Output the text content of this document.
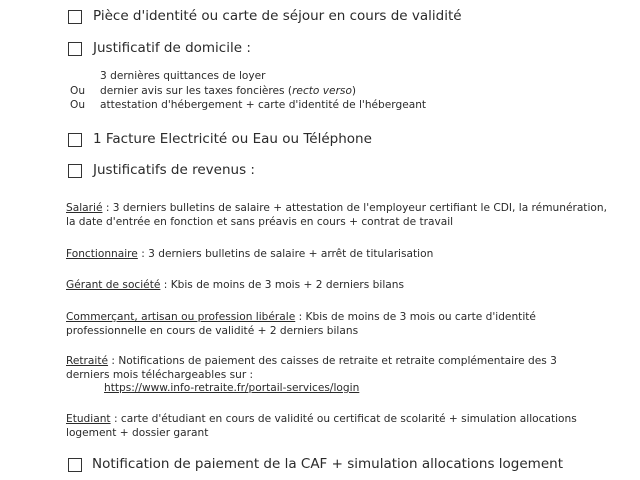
Pièce d'identité ou carte de séjour en cours de validité
Justificatif de domicile :
3 dernières quittances de loyer
Ou dernier avis sur les taxes foncières (recto verso)
Ou attestation d'hébergement + carte d'identité de l'hébergeant
1 Facture Electricité ou Eau ou Téléphone
Justificatifs de revenus :
Salarié : 3 derniers bulletins de salaire + attestation de l'employeur certifiant le CDI, la rémunération,
la date d'entrée en fonction et sans préavis en cours + contrat de travail
Fonctionnaire : 3 derniers bulletins de salaire + arrêt de titularisation
Gérant de société : Kbis de moins de 3 mois + 2 derniers bilans
Commerçant, artisan ou profession libérale : Kbis de moins de 3 mois ou carte d'identité
professionnelle en cours de validité + 2 derniers bilans
Retraité : Notifications de paiement des caisses de retraite et retraite complémentaire des 3
derniers mois téléchargeables sur :
https://www.info-retraite.fr/portail-services/login
Etudiant : carte d'étudiant en cours de validité ou certificat de scolarité + simulation allocations
logement + dossier garant
Notification de paiement de la CAF + simulation allocations logement
